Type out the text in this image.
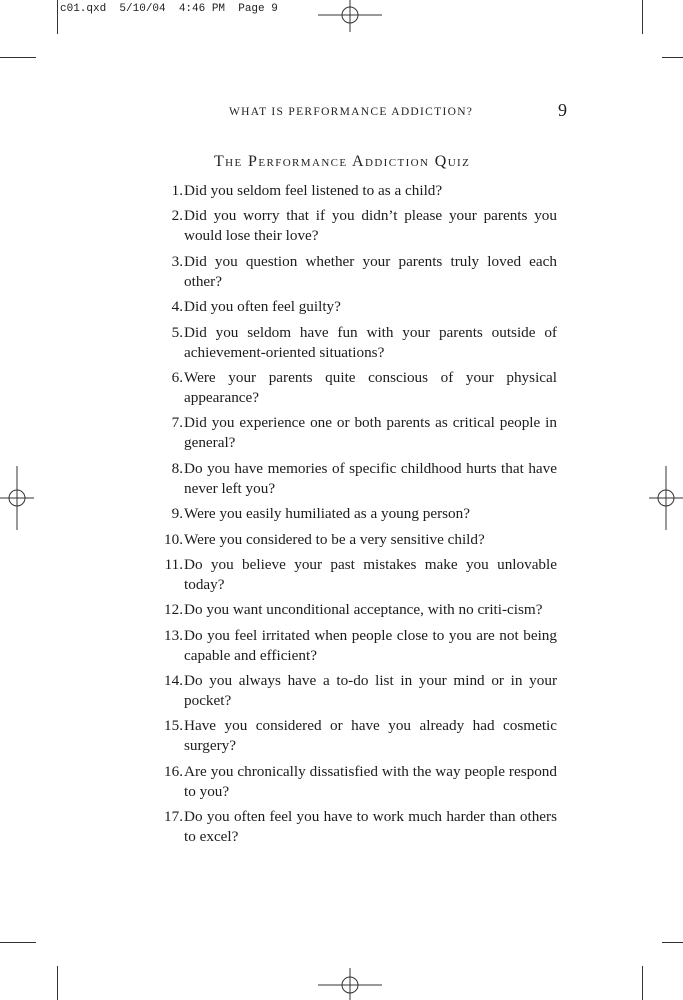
c01.qxd  5/10/04  4:46 PM  Page 9
WHAT IS PERFORMANCE ADDICTION?	9
The Performance Addiction Quiz
1. Did you seldom feel listened to as a child?
2. Did you worry that if you didn’t please your parents you would lose their love?
3. Did you question whether your parents truly loved each other?
4. Did you often feel guilty?
5. Did you seldom have fun with your parents outside of achievement-oriented situations?
6. Were your parents quite conscious of your physical appearance?
7. Did you experience one or both parents as critical people in general?
8. Do you have memories of specific childhood hurts that have never left you?
9. Were you easily humiliated as a young person?
10. Were you considered to be a very sensitive child?
11. Do you believe your past mistakes make you unlovable today?
12. Do you want unconditional acceptance, with no criti-cism?
13. Do you feel irritated when people close to you are not being capable and efficient?
14. Do you always have a to-do list in your mind or in your pocket?
15. Have you considered or have you already had cosmetic surgery?
16. Are you chronically dissatisfied with the way people respond to you?
17. Do you often feel you have to work much harder than others to excel?
